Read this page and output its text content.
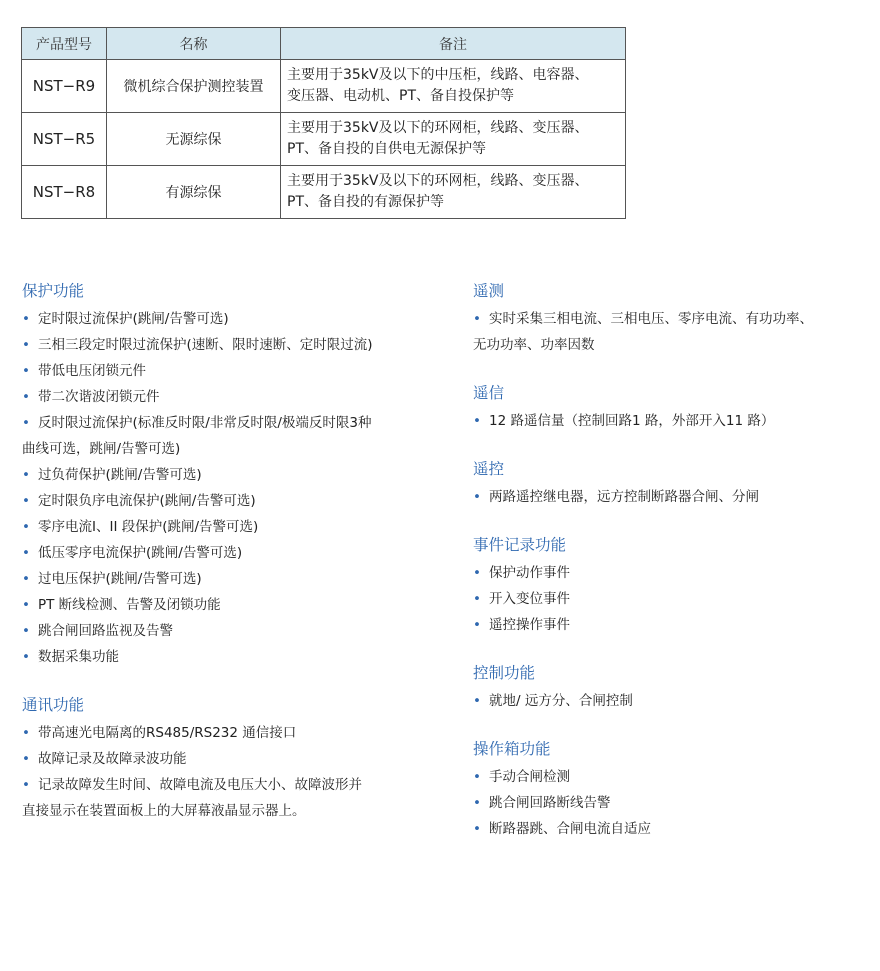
产品型号	名称	备注
NST−R9	微机综合保护测控装置	主要用于35kV及以下的中压柜，线路、电容器、
变压器、电动机、PT、备自投保护等
NST−R5	无源综保	主要用于35kV及以下的环网柜，线路、变压器、
PT、备自投的自供电无源保护等
NST−R8	有源综保	主要用于35kV及以下的环网柜，线路、变压器、
PT、备自投的有源保护等
保护功能
• 定时限过流保护(跳闸/告警可选)
• 三相三段定时限过流保护(速断、限时速断、定时限过流)
• 带低电压闭锁元件
• 带二次谐波闭锁元件
• 反时限过流保护(标准反时限/非常反时限/极端反时限3种
曲线可选，跳闸/告警可选)
• 过负荷保护(跳闸/告警可选)
• 定时限负序电流保护(跳闸/告警可选)
• 零序电流I、II 段保护(跳闸/告警可选)
• 低压零序电流保护(跳闸/告警可选)
• 过电压保护(跳闸/告警可选)
• PT 断线检测、告警及闭锁功能
• 跳合闸回路监视及告警
• 数据采集功能
通讯功能
• 带高速光电隔离的RS485/RS232 通信接口
• 故障记录及故障录波功能
• 记录故障发生时间、故障电流及电压大小、故障波形并
直接显示在装置面板上的大屏幕液晶显示器上。
遥测
• 实时采集三相电流、三相电压、零序电流、有功功率、
无功功率、功率因数
遥信
• 12 路遥信量（控制回路1 路，外部开入11 路）
遥控
• 两路遥控继电器，远方控制断路器合闸、分闸
事件记录功能
• 保护动作事件
• 开入变位事件
• 遥控操作事件
控制功能
• 就地/ 远方分、合闸控制
操作箱功能
• 手动合闸检测
• 跳合闸回路断线告警
• 断路器跳、合闸电流自适应
